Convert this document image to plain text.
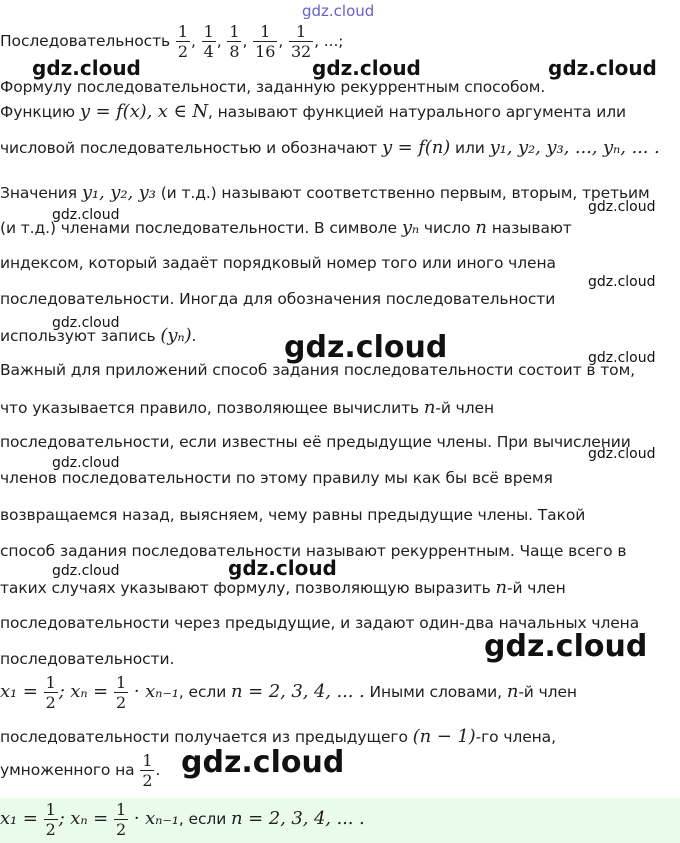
gdz.cloud
Последовательность $\frac{1}{2}$ , $\frac{1}{4}$ , $\frac{1}{8}$ , $\frac{1}{16}$ , $\frac{1}{32}$ , ...;
Формулу последовательности, заданную рекуррентным способом.
Функцию y = f(x), x ∈ N, называют функцией натурального аргумента или
числовой последовательностью и обозначают y = f(n) или y₁, y₂, y₃, ..., yₙ, ... .
Значения y₁, y₂, y₃ (и т.д.) называют соответственно первым, вторым, третьим
(и т.д.) членами последовательности. В символе yₙ число n называют
индексом, который задаёт порядковый номер того или иного члена
последовательности. Иногда для обозначения последовательности
используют запись (yₙ).
Важный для приложений способ задания последовательности состоит в том,
что указывается правило, позволяющее вычислить n-й член
последовательности, если известны её предыдущие члены. При вычислении
членов последовательности по этому правилу мы как бы всё время
возвращаемся назад, выясняем, чему равны предыдущие члены. Такой
способ задания последовательности называют рекуррентным. Чаще всего в
таких случаях указывают формулу, позволяющую выразить n-й член
последовательности через предыдущие, и задают один-два начальных члена
последовательности.
$x_1 = \frac{1}{2}$ ; $x_n = \frac{1}{2} \cdot x_{n-1}$, если n = 2, 3, 4, ... . Иными словами, n-й член
последовательности получается из предыдущего (n − 1)-го члена,
умноженного на $\frac{1}{2}$ .
$x_1 = \frac{1}{2}$ ; $x_n = \frac{1}{2} \cdot x_{n-1}$, если n = 2, 3, 4, ... .
gdz.cloud	gdz.cloud	gdz.cloud
gdz.cloud	gdz.cloud
gdz.cloud
gdz.cloud
gdz.cloud	gdz.cloud
gdz.cloud
gdz.cloud
gdz.cloud
gdz.cloud
gdz.cloud
gdz.cloud
